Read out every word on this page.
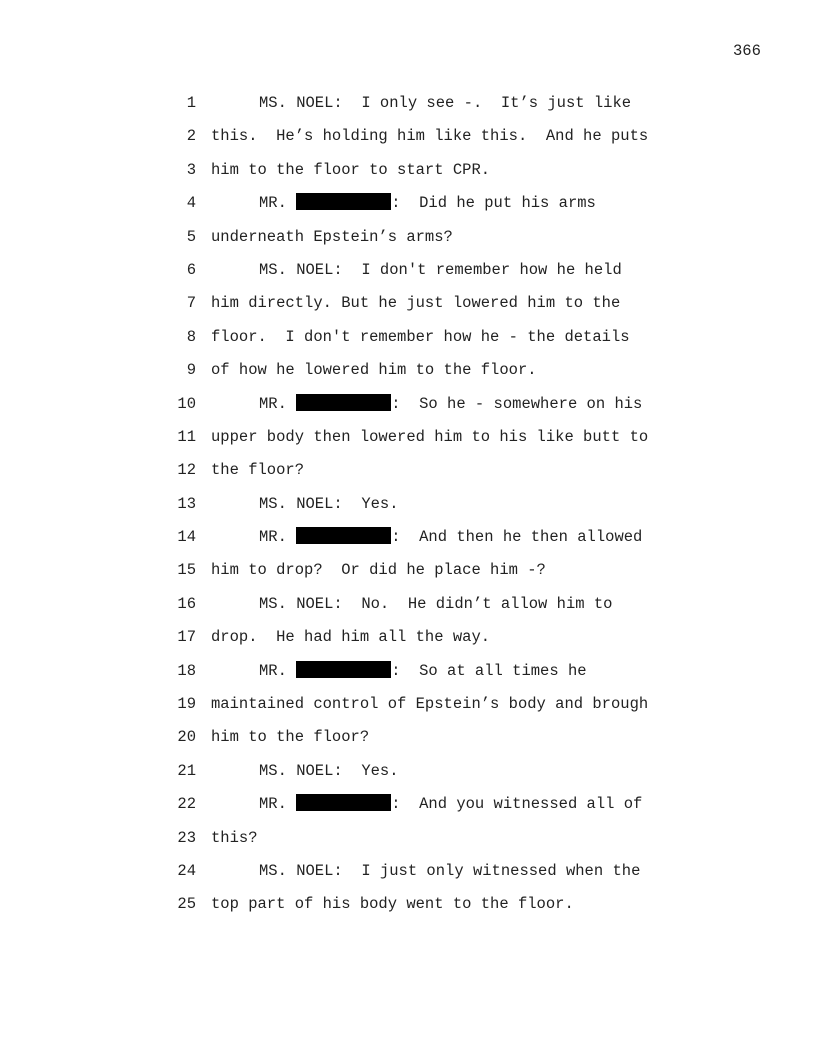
366
1	MS. NOEL:  I only see -.  It’s just like
2 this.  He’s holding him like this.  And he puts
3 him to the floor to start CPR.
4	MR.	:  Did he put his arms
5 underneath Epstein’s arms?
6	MS. NOEL:  I don't remember how he held
7 him directly. But he just lowered him to the
8 floor.  I don't remember how he - the details
9 of how he lowered him to the floor.
10	MR.	:  So he - somewhere on his
11 upper body then lowered him to his like butt to
12 the floor?
13	MS. NOEL:  Yes.
14	MR.	:  And then he then allowed
15 him to drop?  Or did he place him -?
16	MS. NOEL:  No.  He didn’t allow him to
17 drop.  He had him all the way.
18	MR.	:  So at all times he
19 maintained control of Epstein’s body and brough
20 him to the floor?
21	MS. NOEL:  Yes.
22	MR.	:  And you witnessed all of
23 this?
24	MS. NOEL:  I just only witnessed when the
25 top part of his body went to the floor.
